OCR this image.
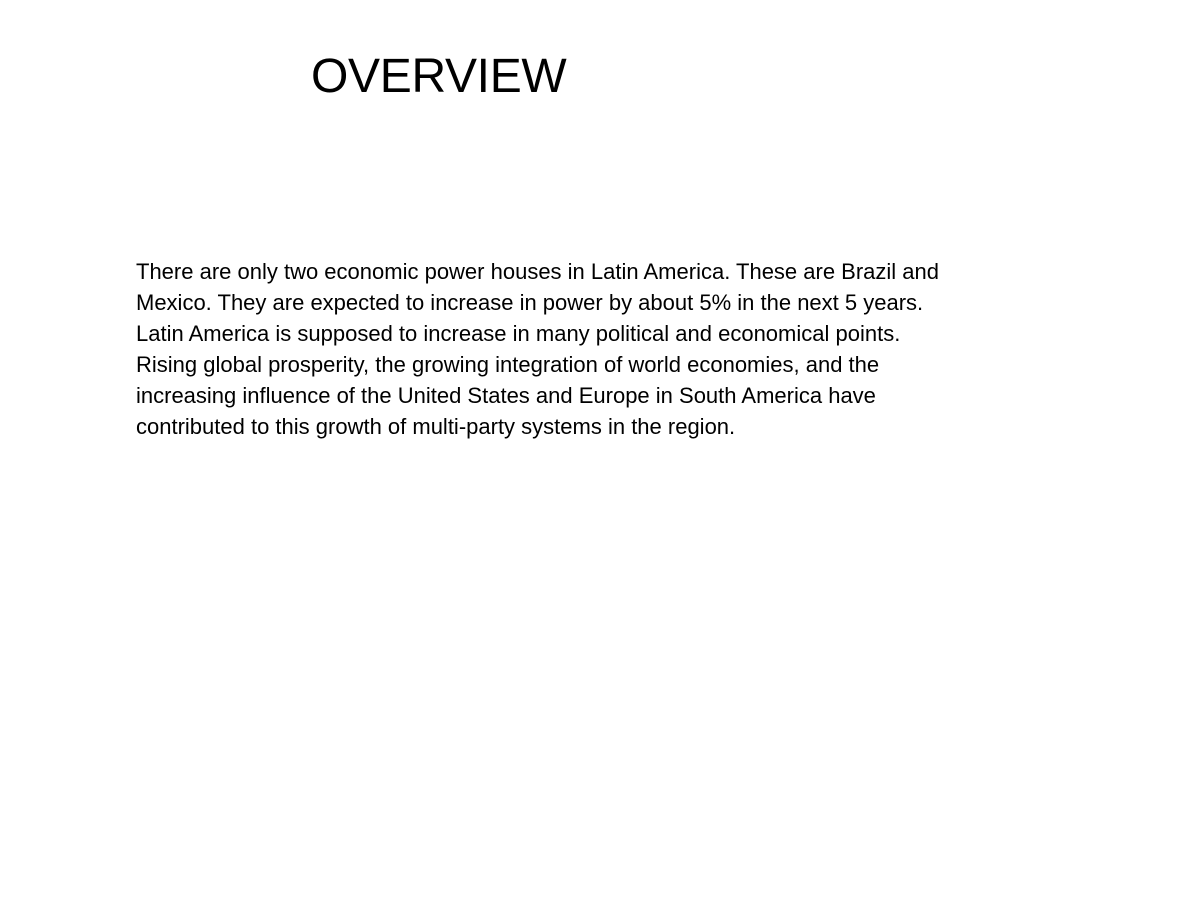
OVERVIEW
There are only two economic power houses in Latin America. These are Brazil and
Mexico. They are expected to increase in power by about 5% in the next 5 years.
Latin America is supposed to increase in many political and economical points.
Rising global prosperity, the growing integration of world economies, and the
increasing influence of the United States and Europe in South America have
contributed to this growth of multi-party systems in the region.
